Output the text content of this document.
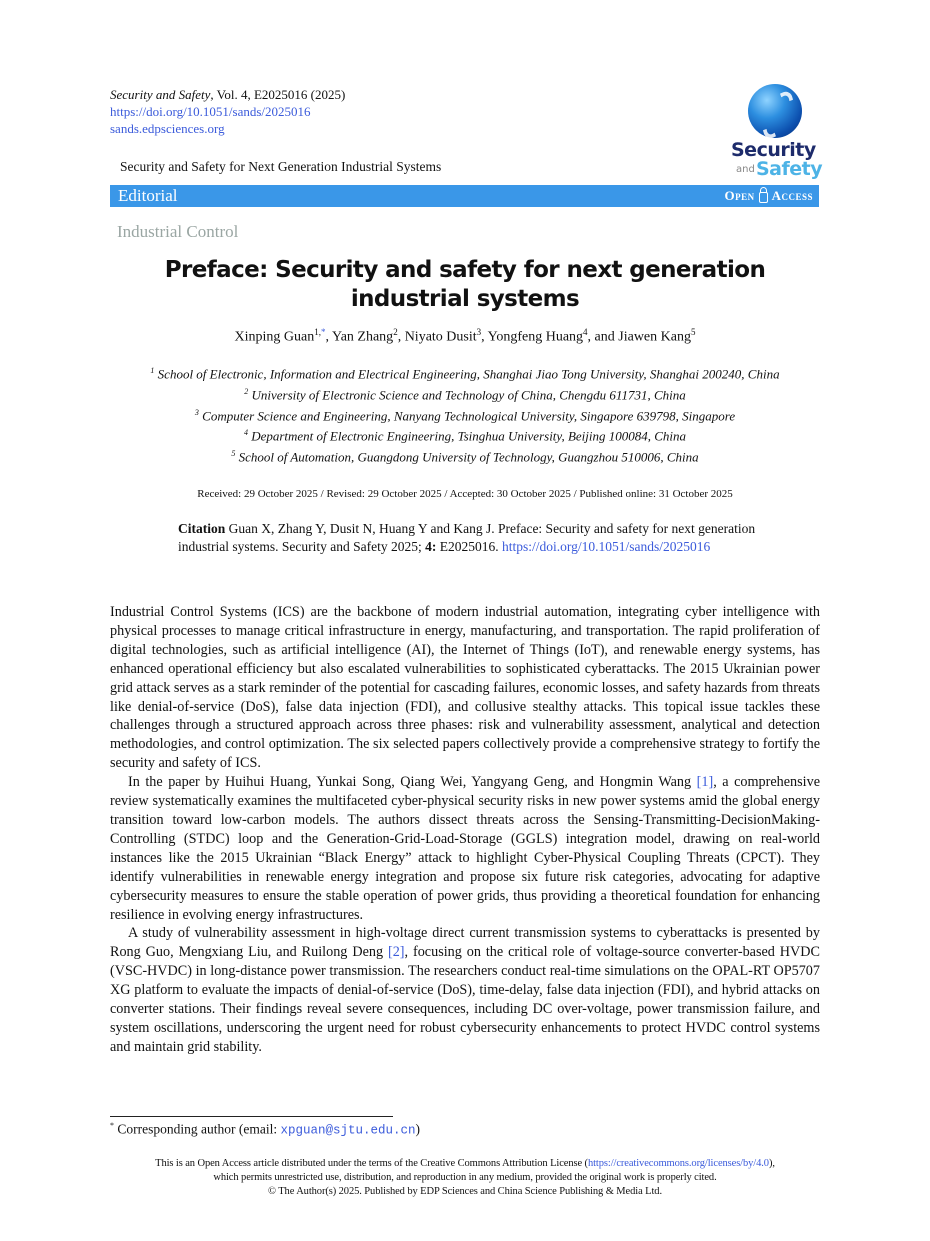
Security and Safety, Vol. 4, E2025016 (2025)
https://doi.org/10.1051/sands/2025016
sands.edpsciences.org
Security and Safety for Next Generation Industrial Systems
Security
and Safety
Editorial	Open Access
Industrial Control
Preface: Security and safety for next generation industrial systems
Xinping Guan$^{1,*}$, Yan Zhang$^2$, Niyato Dusit$^3$, Yongfeng Huang$^4$, and Jiawen Kang$^5$
$^1$ School of Electronic, Information and Electrical Engineering, Shanghai Jiao Tong University, Shanghai 200240, China
$^2$ University of Electronic Science and Technology of China, Chengdu 611731, China
$^3$ Computer Science and Engineering, Nanyang Technological University, Singapore 639798, Singapore
$^4$ Department of Electronic Engineering, Tsinghua University, Beijing 100084, China
$^5$ School of Automation, Guangdong University of Technology, Guangzhou 510006, China
Received: 29 October 2025 / Revised: 29 October 2025 / Accepted: 30 October 2025 / Published online: 31 October 2025
Citation Guan X, Zhang Y, Dusit N, Huang Y and Kang J. Preface: Security and safety for next generation industrial systems. Security and Safety 2025; 4: E2025016. https://doi.org/10.1051/sands/2025016

Industrial Control Systems (ICS) are the backbone of modern industrial automation, integrating cyber intelligence with physical processes to manage critical infrastructure in energy, manufacturing, and transportation. The rapid proliferation of digital technologies, such as artificial intelligence (AI), the Internet of Things (IoT), and renewable energy systems, has enhanced operational efficiency but also escalated vulnerabilities to sophisticated cyberattacks. The 2015 Ukrainian power grid attack serves as a stark reminder of the potential for cascading failures, economic losses, and safety hazards from threats like denial-of-service (DoS), false data injection (FDI), and collusive stealthy attacks. This topical issue tackles these challenges through a structured approach across three phases: risk and vulnerability assessment, analytical and detection methodologies, and control optimization. The six selected papers collectively provide a comprehensive strategy to fortify the security and safety of ICS.

In the paper by Huihui Huang, Yunkai Song, Qiang Wei, Yangyang Geng, and Hongmin Wang [1], a comprehensive review systematically examines the multifaceted cyber-physical security risks in new power systems amid the global energy transition toward low-carbon models. The authors dissect threats across the Sensing-Transmitting-DecisionMaking-Controlling (STDC) loop and the Generation-Grid-Load-Storage (GGLS) integration model, drawing on real-world instances like the 2015 Ukrainian “Black Energy” attack to highlight Cyber-Physical Coupling Threats (CPCT). They identify vulnerabilities in renewable energy integration and propose six future risk categories, advocating for adaptive cybersecurity measures to ensure the stable operation of power grids, thus providing a theoretical foundation for enhancing resilience in evolving energy infrastructures.

A study of vulnerability assessment in high-voltage direct current transmission systems to cyberattacks is presented by Rong Guo, Mengxiang Liu, and Ruilong Deng [2], focusing on the critical role of voltage-source converter-based HVDC (VSC-HVDC) in long-distance power transmission. The researchers conduct real-time simulations on the OPAL-RT OP5707 XG platform to evaluate the impacts of denial-of-service (DoS), time-delay, false data injection (FDI), and hybrid attacks on converter stations. Their findings reveal severe consequences, including DC over-voltage, power transmission failure, and system oscillations, underscoring the urgent need for robust cybersecurity enhancements to protect HVDC control systems and maintain grid stability.

* Corresponding author (email: xpguan@sjtu.edu.cn)
This is an Open Access article distributed under the terms of the Creative Commons Attribution License (https://creativecommons.org/licenses/by/4.0),
which permits unrestricted use, distribution, and reproduction in any medium, provided the original work is properly cited.
© The Author(s) 2025. Published by EDP Sciences and China Science Publishing & Media Ltd.
